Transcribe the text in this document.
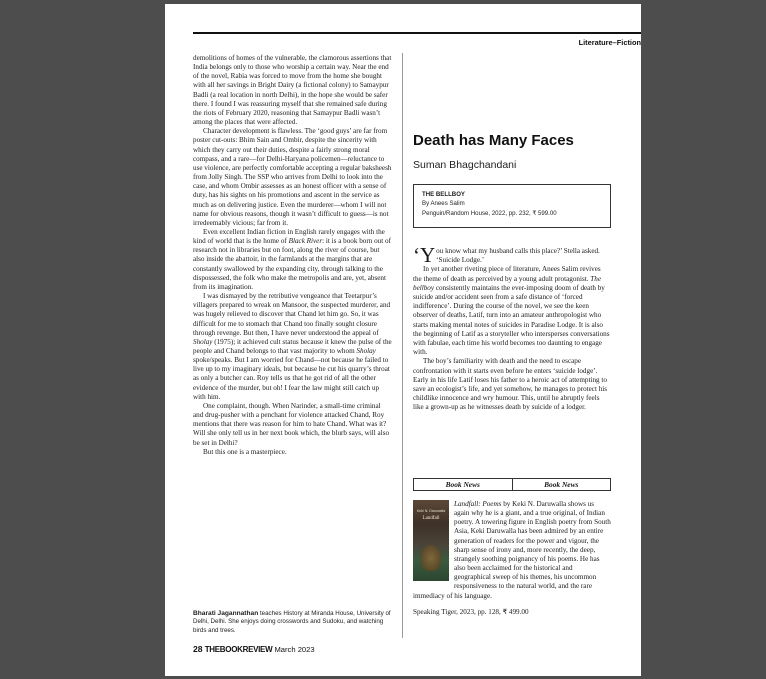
Literature–Fiction

demolitions of homes of the vulnerable, the clamorous assertions that India belongs only to those who worship a certain way. Near the end of the novel, Rabia was forced to move from the home she bought with all her savings in Bright Dairy (a fictional colony) to Samaypur Badli (a real location in north Delhi), in the hope she would be safer there. I found I was reassuring myself that she remained safe during the riots of February 2020, reasoning that Samaypur Badli wasn’t among the places that were affected.

Character development is flawless. The ‘good guys’ are far from poster cut-outs: Bhim Sain and Ombir, despite the sincerity with which they carry out their duties, despite a fairly strong moral compass, and a rare—for Delhi-Haryana policemen—reluctance to use violence, are perfectly comfortable accepting a regular baksheesh from Jolly Singh. The SSP who arrives from Delhi to look into the case, and whom Ombir assesses as an honest officer with a sense of duty, has his sights on his promotions and ascent in the service as much as on delivering justice. Even the murderer—whom I will not name for obvious reasons, though it wasn’t difficult to guess—is not irredeemably vicious; far from it.

Even excellent Indian fiction in English rarely engages with the kind of world that is the home of Black River: it is a book born out of research not in libraries but on foot, along the river of course, but also inside the abattoir, in the farmlands at the margins that are constantly swallowed by the expanding city, through talking to the dispossessed, the folk who make the metropolis and are, yet, absent from its imagination.

I was dismayed by the retributive vengeance that Teetarpur’s villagers prepared to wreak on Mansoor, the suspected murderer, and was hugely relieved to discover that Chand let him go. So, it was difficult for me to stomach that Chand too finally sought closure through revenge. But then, I have never understood the appeal of Sholay (1975); it achieved cult status because it knew the pulse of the people and Chand belongs to that vast majority to whom Sholay spoke/speaks. But I am worried for Chand—not because he failed to live up to my imaginary ideals, but because he cut his quarry’s throat as only a butcher can. Roy tells us that he got rid of all the other evidence of the murder, but oh! I fear the law might still catch up with him.

One complaint, though. When Narinder, a small-time criminal and drug-pusher with a penchant for violence attacked Chand, Roy mentions that there was reason for him to hate Chand. What was it? Will she only tell us in her next book which, the blurb says, will also be set in Delhi?

But this one is a masterpiece.

Bharati Jagannathan teaches History at Miranda House, University of Delhi, Delhi. She enjoys doing crosswords and Sudoku, and watching birds and trees.
28 THEBOOKREVIEW March 2023
Death has Many Faces
Suman Bhagchandani
THE BELLBOY
By Anees Salim
Penguin/Random House, 2022, pp. 232, ₹ 599.00

‘You know what my husband calls this place?’ Stella asked. ‘Suicide Lodge.’

In yet another riveting piece of literature, Anees Salim revives the theme of death as perceived by a young adult protagonist. The bellboy consistently maintains the ever-imposing doom of death by suicide and/or accident seen from a safe distance of ‘forced indifference’. During the course of the novel, we see the keen observer of deaths, Latif, turn into an amateur anthropologist who starts making mental notes of suicides in Paradise Lodge. It is also the beginning of Latif as a storyteller who intersperses conversations with fabulae, each time his world becomes too daunting to engage with.

The boy’s familiarity with death and the need to escape confrontation with it starts even before he enters ‘suicide lodge’. Early in his life Latif loses his father to a heroic act of attempting to save an ecologist’s life, and yet somehow, he manages to protect his childlike innocence and wry humour. This, until he abruptly feels like a grown-up as he witnesses death by suicide of a lodger.

Book News	Book News
Keki N. Daruwalla
Landfall
Landfall: Poems by Keki N. Daruwalla shows us again why he is a giant, and a true original, of Indian poetry. A towering figure in English poetry from South Asia, Keki Daruwalla has been admired by an entire generation of readers for the power and vigour, the sharp sense of irony and, more recently, the deep, strangely soothing poignancy of his poems. He has also been acclaimed for the historical and geographical sweep of his themes, his uncommon responsiveness to the natural world, and the rare immediacy of his language.
Speaking Tiger, 2023, pp. 128, ₹ 499.00
